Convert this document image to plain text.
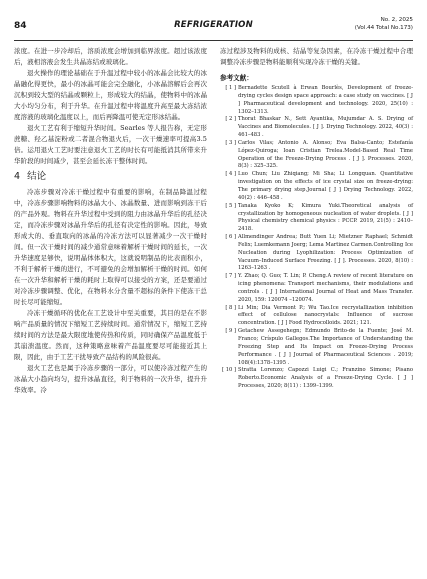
84	REFRIGERATION	No. 2, 2025
(Vol.44 Total No.173)

浓度。在进一步冷却后，溶质浓度会增加到临界浓度。超过该浓度后，液相溶液会发生共晶冻结或玻璃化。

退火操作的理论基础在于升温过程中较小的冰晶会比较大的冰晶融化得更快，最小的冰晶可能会完全融化，小冰晶溶解后会再次沉积到较大型的结晶或颗粒上，形成较大的结晶，使物料中的冰晶大小均匀分布，利于升华。在升温过程中将温度升高至最大冻结浓度溶液的玻璃化温度以上，而后再降温可使无定形冰结晶。

退火工艺有利于缩短升华时间。Searles 等人报告称，无定形蔗糖、羟乙基淀粉或二者混合物退火后，一次干燥速率可提高3.5倍。运用退火工艺时要注意退火工艺的时长有可能抵消其所带来升华阶段的时间减少，甚至会延长冻干整体时间。

4 结论

冷冻步骤对冷冻干燥过程中有重要的影响，在制品降温过程中，冷冻步骤影响物料的冰晶大小、冰晶数量、进而影响到冻干后的产品外观。物料在升华过程中受到的阻力由冰晶升华后的孔径决定，而冷冻步骤对冰晶升华后的孔径有决定性的影响。因此，导致形成大的、垂直取向的冰晶的冷冻方法可以显著减少一次干燥时间。但一次干燥时间的减少通常意味着解析干燥时间的延长，一次升华速度足够快，说明晶体体积大，这就说明制品的比表面积小，不利于解析干燥的进行，不可避免的会增加解析干燥的时间。如何在一次升华和解析干燥的耗时上取得可以接受的方案，还是要通过对冷冻步骤调整、优化，在物料水分含量不超标的条件下使冻干总时长尽可能缩短。

冷冻干燥循环的优化在工艺设计中至关重要，其目的是在不影响产品质量的情况下缩短工艺持续时间。通常情况下，缩短工艺持续时间的方法是最大限度地使传热和传质，同时确保产品温度低于其崩溃温度。然而，这种策略意味着产品温度要尽可能接近其上限，因此，由于工艺干扰导致产品结构的风险很高。

退火工艺也是属于冷冻步骤的一部分，可以使冷冻过程产生的冰晶大小趋向均匀，提升冰晶直径，利于物料的一次升华，提升升华效率。冷

冻过程涉及物料的成核、结晶等复杂因素，在冷冻干燥过程中合理调整冷冻步骤是物料能顺利实现冷冻干燥的关键。

参考文献：
[ 1 ] Bernadette Scutell à Erwan Bourlès, Development of freeze-drying cycles design space approach: a case study on vaccines. [ J ] Pharmaceutical development and technology. 2020, 25(10) : 1302–1313.
[ 2 ] Thorat Bhaskar N., Sett Ayantika, Mujumdar A. S. Drying of Vaccines and Biomolecules. [ J ]. Drying Technology. 2022, 40(3) : 461–483 .
[ 3 ] Carlos Vilas; Antonio A. Alonso; Eva Balsa-Canto; Estefanía López-Quiroga; Ioan Cristian Trelea.Model-Based Real Time Operation of the Freeze-Drying Process . [ J ]. Processes. 2020, 8(3) : 325–325.
[ 4 ] Luo Chun; Liu Zhiqiang; Mi Sha; Li Longquan. Quantitative investigation on the effects of ice crystal size on freeze-drying: The primary drying step.Journal [ J ] Drying Technology. 2022, 40(2) : 446–458 .
[ 5 ] Tanaka Kyoko K; Kimura Yuki.Theoretical analysis of crystallization by homogeneous nucleation of water droplets. [ J ] Physical chemistry chemical physics : PCCP. 2019, 21(5) : 2410–2418.
[ 6 ] Allmendinger Andrea; Butt Yuen Li; Mietzner Raphael; Schmidt Felix; Luemkemann Joerg; Lema Martinez Carmen.Controlling Ice Nucleation during Lyophilization: Process Optimization of Vacuum–Induced Surface Freezing. [ J ]. Processes. 2020, 8(10) : 1263–1263 .
[ 7 ] Y. Zhao; Q. Guo; T. Lin; P. Cheng.A review of recent literature on icing phenomena: Transport mechanisms, their modulations and controls . [ J ] International Journal of Heat and Mass Transfer. 2020, 159: 120074 –120074.
[ 8 ] Li Min; Dia Vermont P.; Wu Tao.Ice recrystallization inhibition effect of cellulose nanocrystals: Influence of sucrose concentration. [ J ] Food Hydrocolloids. 2021; 121.
[ 9 ] Getachew Assegehegn; Edmundo Brito-de la Fuente; José M. Franco; Críspulo Gallegos.The Importance of Understanding the Freezing Step and Its Impact on Freeze-Drying Process Performance . [ J ] Journal of Pharmaceutical Sciences . 2019; 108(4):1378–1395 .
[ 10 ] Stratta Lorenzo; Capozzi Luigi C.; Franzino Simone; Pisano Roberto.Economic Analysis of a Freeze-Drying Cycle. [ J ] Processes, 2020; 8(11) : 1399–1399.
